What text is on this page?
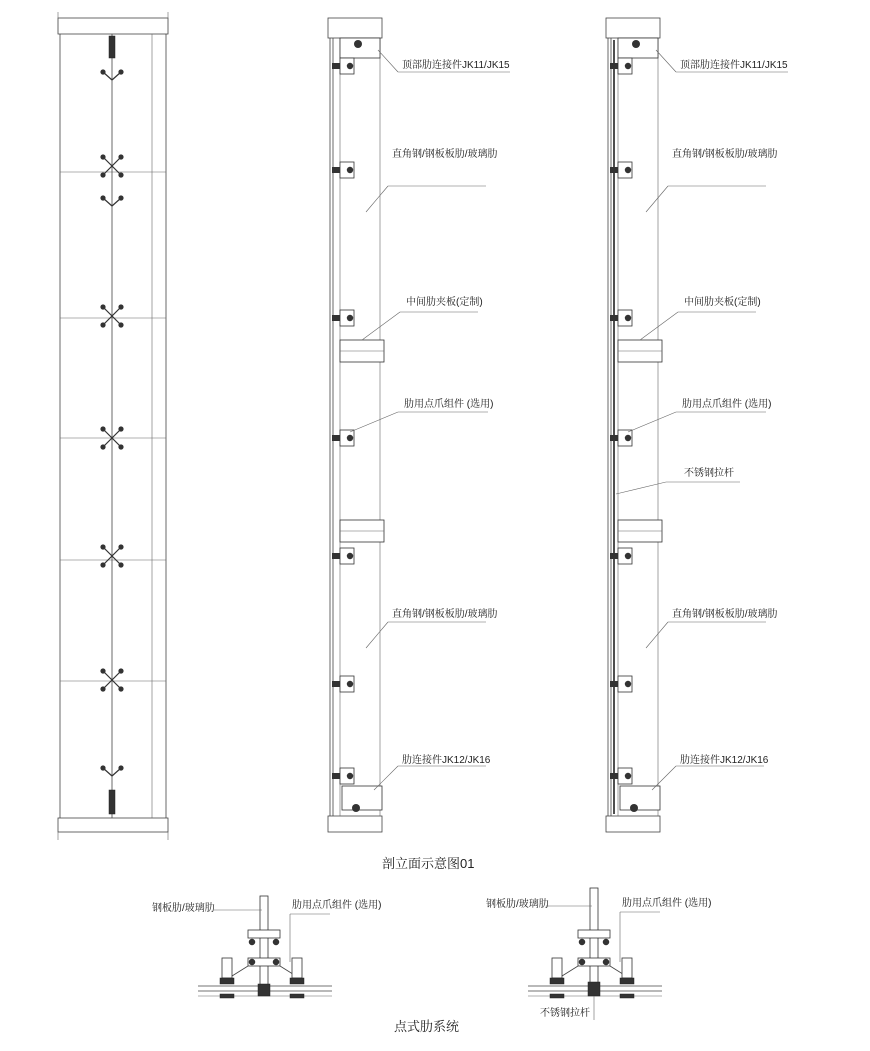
顶部肋连接件JK11/JK15
直角钢/钢板板肋/玻璃肋
中间肋夹板(定制)
肋用点爪组件 (选用)
直角钢/钢板板肋/玻璃肋
肋连接件JK12/JK16
顶部肋连接件JK11/JK15
直角钢/钢板板肋/玻璃肋
中间肋夹板(定制)
肋用点爪组件 (选用)
不锈钢拉杆
直角钢/钢板板肋/玻璃肋
肋连接件JK12/JK16
剖立面示意图01
钢板肋/玻璃肋	肋用点爪组件 (选用)	钢板肋/玻璃肋	肋用点爪组件 (选用)
不锈钢拉杆
点式肋系统
